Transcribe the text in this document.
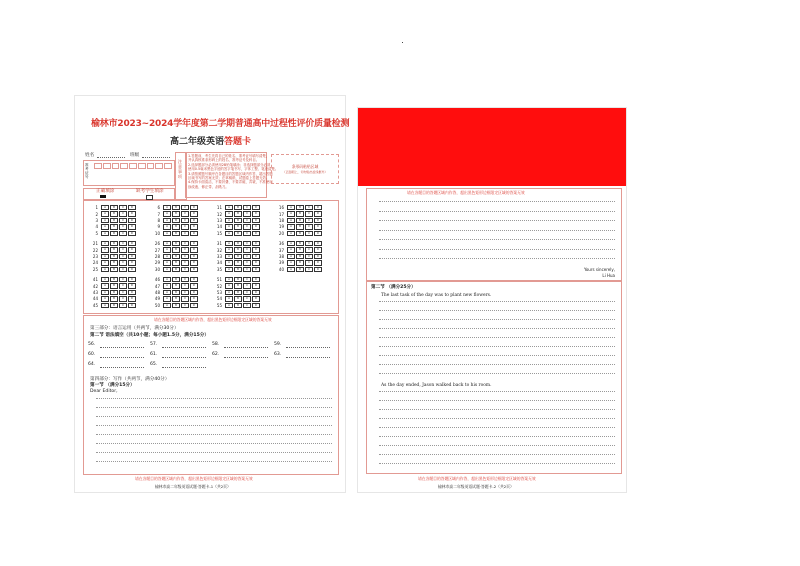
榆林市2023~2024学年度第二学期普通高中过程性评价质量检测
高二年级英语答题卡
姓名	班级
准考证号
正确填涂	缺考学生填涂
注意事项
1.答题前，考生先将自己的姓名、准考证号填写清楚，
并认真核准条形码上的姓名、准考证号及科目。
2.选择题部分必须使用2B铅笔填涂；非选择题部分必须
使用0.5毫米黑色字迹的签字笔书写，字体工整、笔迹清楚。
3.请按照题号顺序在各题目的答题区域内作答，超出答题
区域书写的答案无效；在草稿纸、试题卷上答题无效。
4.保持卡面清洁，不要折叠、不要弄破、弄皱，不准使用
涂改液、修正带、刮纸刀。
条形码粘贴区域
（正面朝上，切勿贴出虚线框外）
1	A	B	C	D
2	A	B	C	D
3	A	B	C	D
4	A	B	C	D
5	A	B	C	D
6	A	B	C	D
7	A	B	C	D
8	A	B	C	D
9	A	B	C	D
10	A	B	C	D
11	A	B	C	D
12	A	B	C	D
13	A	B	C	D
14	A	B	C	D
15	A	B	C	D
16	A	B	C	D
17	A	B	C	D
18	A	B	C	D
19	A	B	C	D
20	A	B	C	D
21	A	B	C	D
22	A	B	C	D
23	A	B	C	D
24	A	B	C	D
25	A	B	C	D
26	A	B	C	D
27	A	B	C	D
28	A	B	C	D
29	A	B	C	D
30	A	B	C	D
31	A	B	C	D
32	A	B	C	D
33	A	B	C	D
34	A	B	C	D
35	A	B	C	D
36	A	B	C	D
37	A	B	C	D
38	A	B	C	D
39	A	B	C	D
40	A	B	C	D
41	A	B	C	D
42	A	B	C	D
43	A	B	C	D
44	A	B	C	D
45	A	B	C	D
46	A	B	C	D
47	A	B	C	D
48	A	B	C	D
49	A	B	C	D
50	A	B	C	D
51	A	B	C	D
52	A	B	C	D
53	A	B	C	D
54	A	B	C	D
55	A	B	C	D
请在各题目的答题区域内作答，超出黑色矩形边框限定区域的答案无效
第三部分：语言运用（共两节，满分30分）
第二节 语法填空（共10小题；每小题1.5分，满分15分）
56.	57.	58.	59.
60.	61.	62.	63.
64.	65.
第四部分：写作（共两节，满分40分）
第一节 （满分15分）
Dear Editor,
请在各题目的答题区域内作答，超出黑色矩形边框限定区域的答案无效
榆林市高二年级英语试题·答题卡-1（共2页）
请在各题目的答题区域内作答，超出黑色矩形边框限定区域的答案无效
Yours sincerely,
Li Hua
第二节 （满分25分）
The last task of the day was to plant new flowers.
As the day ended, Jason walked back to his room.
请在各题目的答题区域内作答，超出黑色矩形边框限定区域的答案无效
榆林市高二年级英语试题·答题卡-2（共2页）
